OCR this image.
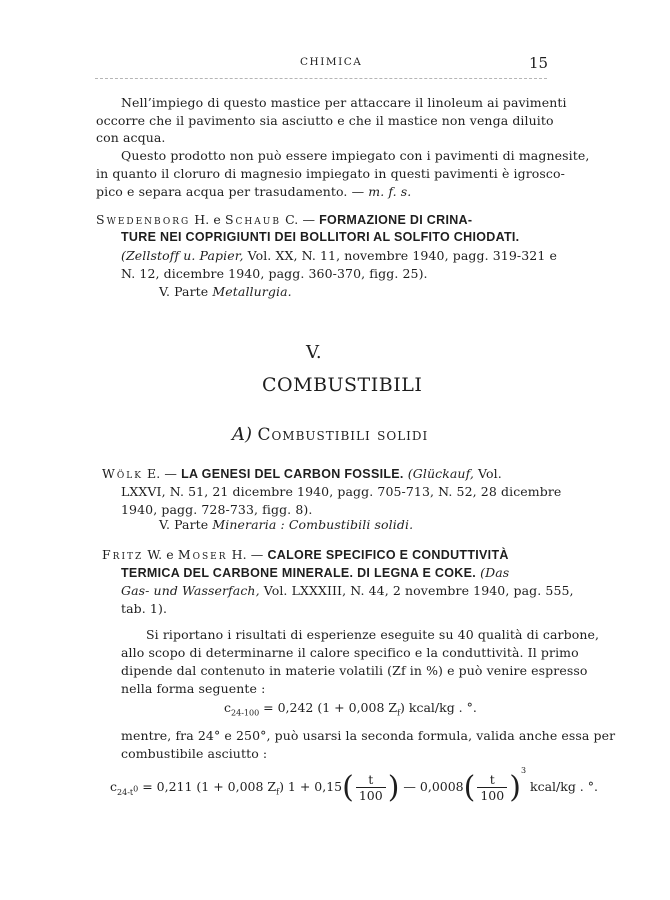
CHIMICA	15
Nell’impiego di questo mastice per attaccare il linoleum ai pavimenti
occorre che il pavimento sia asciutto e che il mastice non venga diluito
con acqua.
Questo prodotto non può essere impiegato con i pavimenti di magnesite,
in quanto il cloruro di magnesio impiegato in questi pavimenti è igrosco-
pico e separa acqua per trasudamento. — m. f. s.
Swedenborg H. e Schaub C. — FORMAZIONE DI CRINA-
TURE NEI COPRIGIUNTI DEI BOLLITORI AL SOLFITO CHIODATI.
(Zellstoff u. Papier, Vol. XX, N. 11, novembre 1940, pagg. 319-321 e
N. 12, dicembre 1940, pagg. 360-370, figg. 25).
V. Parte Metallurgia.
V.
COMBUSTIBILI
A) Combustibili solidi
Wölk E. — LA GENESI DEL CARBON FOSSILE. (Glückauf, Vol.
LXXVI, N. 51, 21 dicembre 1940, pagg. 705-713, N. 52, 28 dicembre
1940, pagg. 728-733, figg. 8).
V. Parte Mineraria : Combustibili solidi.
Fritz W. e Moser H. — CALORE SPECIFICO E CONDUTTIVITÀ
TERMICA DEL CARBONE MINERALE. DI LEGNA E COKE. (Das
Gas- und Wasserfach, Vol. LXXXIII, N. 44, 2 novembre 1940, pag. 555,
tab. 1).
Si riportano i risultati di esperienze eseguite su 40 qualità di carbone,
allo scopo di determinarne il calore specifico e la conduttività. Il primo
dipende dal contenuto in materie volatili (Zf in %) e può venire espresso
nella forma seguente :
$c_{24-100} = 0,242$ (1 + 0,008 $Z_f$) kcal/kg . °.
mentre, fra 24° e 250°, può usarsi la seconda formula, valida anche essa per
combustibile asciutto :
$c_{24-t^0} = 0,211$ (1 + 0,008 $Z_f$) $1 + 0,15( \frac{t}{100}$ ) — $0,0008( \frac{t}{100} )^3$ kcal/kg . °.
